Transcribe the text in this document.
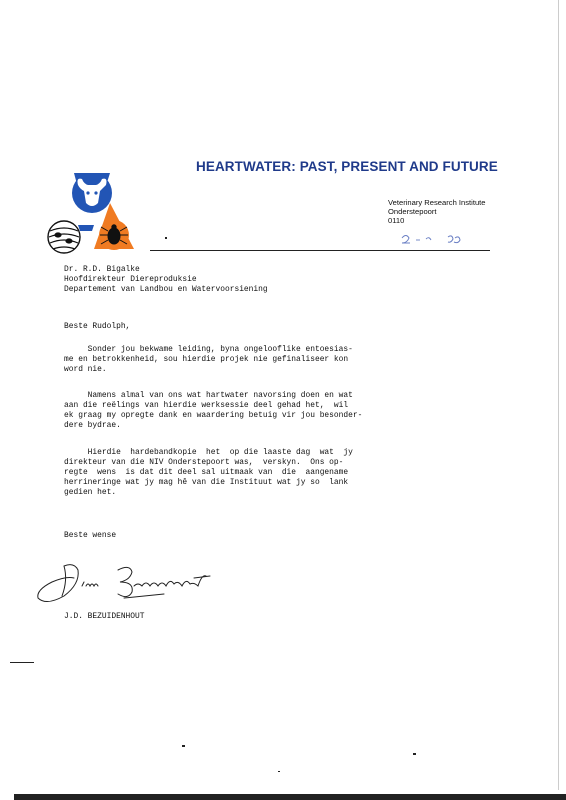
HEARTWATER: PAST, PRESENT AND FUTURE
Veterinary Research Institute
Onderstepoort
0110
Dr. R.D. Bigalke
Hoofdirekteur Diereproduksie
Departement van Landbou en Watervoorsiening
Beste Rudolph,
Sonder jou bekwame leiding, byna ongelooflike entoesias-
me en betrokkenheid, sou hierdie projek nie gefinaliseer kon
word nie.
Namens almal van ons wat hartwater navorsing doen en wat
aan die reëlings van hierdie werksessie deel gehad het,  wil
ek graag my opregte dank en waardering betuig vir jou besonder-
dere bydrae.
Hierdie  hardebandkopie  het  op die laaste dag  wat  jy
direkteur van die NIV Onderstepoort was,  verskyn.  Ons op-
regte  wens  is dat dit deel sal uitmaak van  die  aangename
herrineringe wat jy mag hê van die Instituut wat jy so  lank
gedien het.
Beste wense
J.D. BEZUIDENHOUT
